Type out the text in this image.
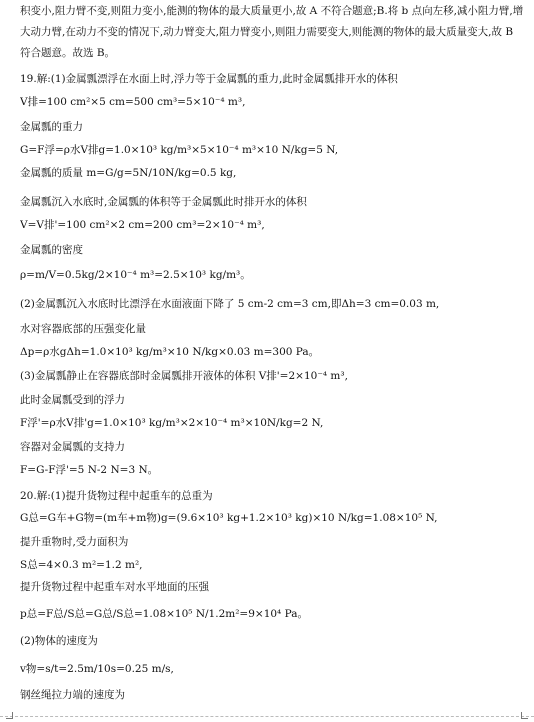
积变小,阻力臂不变,则阻力变小,能测的物体的最大质量更小,故 A 不符合题意;B.将 b 点向左移,减小阻力臂,增
大动力臂,在动力不变的情况下,动力臂变大,阻力臂变小,则阻力需要变大,则能测的物体的最大质量变大,故 B
符合题意。故选 B。
19.解:(1)金属瓢漂浮在水面上时,浮力等于金属瓢的重力,此时金属瓢排开水的体积
V排=100 cm²×5 cm=500 cm³=5×10⁻⁴ m³,
金属瓢的重力
G=F浮=ρ水V排g=1.0×10³ kg/m³×5×10⁻⁴ m³×10 N/kg=5 N,
金属瓢的质量 m=G/g=5N/10N/kg=0.5 kg,
金属瓢沉入水底时,金属瓢的体积等于金属瓢此时排开水的体积
V=V排'=100 cm²×2 cm=200 cm³=2×10⁻⁴ m³,
金属瓢的密度
ρ=m/V=0.5kg/2×10⁻⁴ m³=2.5×10³ kg/m³。
(2)金属瓢沉入水底时比漂浮在水面液面下降了 5 cm-2 cm=3 cm,即Δh=3 cm=0.03 m,
水对容器底部的压强变化量
Δp=ρ水gΔh=1.0×10³ kg/m³×10 N/kg×0.03 m=300 Pa。
(3)金属瓢静止在容器底部时金属瓢排开液体的体积 V排'=2×10⁻⁴ m³,
此时金属瓢受到的浮力
F浮'=ρ水V排'g=1.0×10³ kg/m³×2×10⁻⁴ m³×10N/kg=2 N,
容器对金属瓢的支持力
F=G-F浮'=5 N-2 N=3 N。
20.解:(1)提升货物过程中起重车的总重为
G总=G车+G物=(m车+m物)g=(9.6×10³ kg+1.2×10³ kg)×10 N/kg=1.08×10⁵ N,
提升重物时,受力面积为
S总=4×0.3 m²=1.2 m²,
提升货物过程中起重车对水平地面的压强
p总=F总/S总=G总/S总=1.08×10⁵ N/1.2m²=9×10⁴ Pa。
(2)物体的速度为
v物=s/t=2.5m/10s=0.25 m/s,
钢丝绳拉力端的速度为
